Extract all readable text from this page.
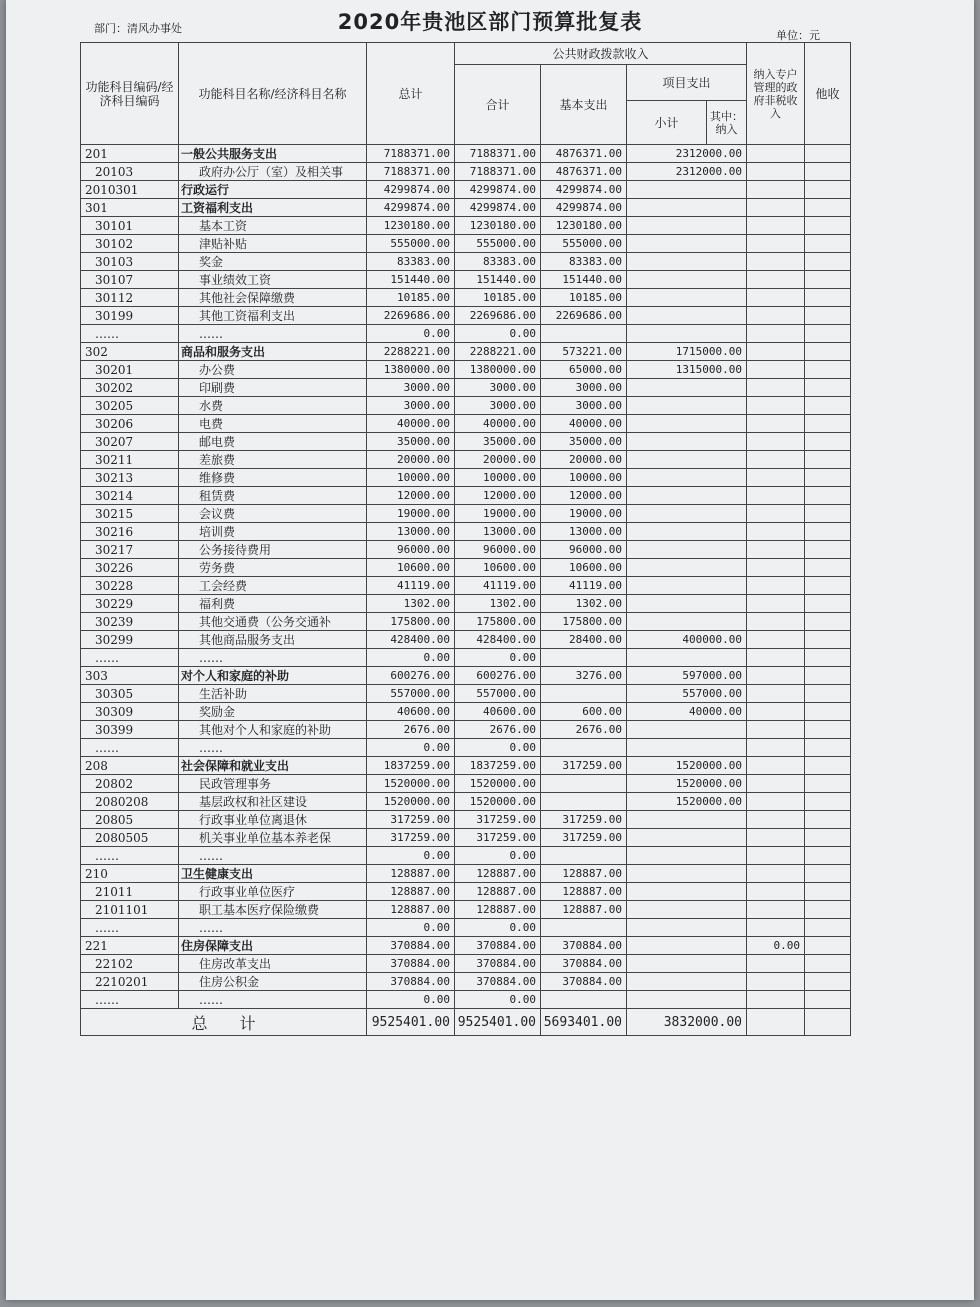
2020年贵池区部门预算批复表
部门：清风办事处
单位：元
功能科目编码/经济科目编码	功能科目名称/经济科目名称	总计	公共财政拨款收入				纳入专户管理的政府非税收入	他收
			合计	基本支出	项目支出			
					小计	其中：纳入		
201	一般公共服务支出	7188371.00	7188371.00	4876371.00	2312000.00			
20103	政府办公厅（室）及相关事	7188371.00	7188371.00	4876371.00	2312000.00			
2010301	行政运行	4299874.00	4299874.00	4299874.00				
301	工资福利支出	4299874.00	4299874.00	4299874.00				
30101	基本工资	1230180.00	1230180.00	1230180.00				
30102	津贴补贴	555000.00	555000.00	555000.00				
30103	奖金	83383.00	83383.00	83383.00				
30107	事业绩效工资	151440.00	151440.00	151440.00				
30112	其他社会保障缴费	10185.00	10185.00	10185.00				
30199	其他工资福利支出	2269686.00	2269686.00	2269686.00				
……	……	0.00	0.00					
302	商品和服务支出	2288221.00	2288221.00	573221.00	1715000.00			
30201	办公费	1380000.00	1380000.00	65000.00	1315000.00			
30202	印刷费	3000.00	3000.00	3000.00				
30205	水费	3000.00	3000.00	3000.00				
30206	电费	40000.00	40000.00	40000.00				
30207	邮电费	35000.00	35000.00	35000.00				
30211	差旅费	20000.00	20000.00	20000.00				
30213	维修费	10000.00	10000.00	10000.00				
30214	租赁费	12000.00	12000.00	12000.00				
30215	会议费	19000.00	19000.00	19000.00				
30216	培训费	13000.00	13000.00	13000.00				
30217	公务接待费用	96000.00	96000.00	96000.00				
30226	劳务费	10600.00	10600.00	10600.00				
30228	工会经费	41119.00	41119.00	41119.00				
30229	福利费	1302.00	1302.00	1302.00				
30239	其他交通费（公务交通补	175800.00	175800.00	175800.00				
30299	其他商品服务支出	428400.00	428400.00	28400.00	400000.00			
……	……	0.00	0.00					
303	对个人和家庭的补助	600276.00	600276.00	3276.00	597000.00			
30305	生活补助	557000.00	557000.00		557000.00			
30309	奖励金	40600.00	40600.00	600.00	40000.00			
30399	其他对个人和家庭的补助	2676.00	2676.00	2676.00				
……	……	0.00	0.00					
208	社会保障和就业支出	1837259.00	1837259.00	317259.00	1520000.00			
20802	民政管理事务	1520000.00	1520000.00		1520000.00			
2080208	基层政权和社区建设	1520000.00	1520000.00		1520000.00			
20805	行政事业单位离退休	317259.00	317259.00	317259.00				
2080505	机关事业单位基本养老保	317259.00	317259.00	317259.00				
……	……	0.00	0.00					
210	卫生健康支出	128887.00	128887.00	128887.00				
21011	行政事业单位医疗	128887.00	128887.00	128887.00				
2101101	职工基本医疗保险缴费	128887.00	128887.00	128887.00				
……	……	0.00	0.00					
221	住房保障支出	370884.00	370884.00	370884.00			0.00	
22102	住房改革支出	370884.00	370884.00	370884.00				
2210201	住房公积金	370884.00	370884.00	370884.00				
……	……	0.00	0.00					
总　　计		9525401.00	9525401.00	5693401.00	3832000.00			
